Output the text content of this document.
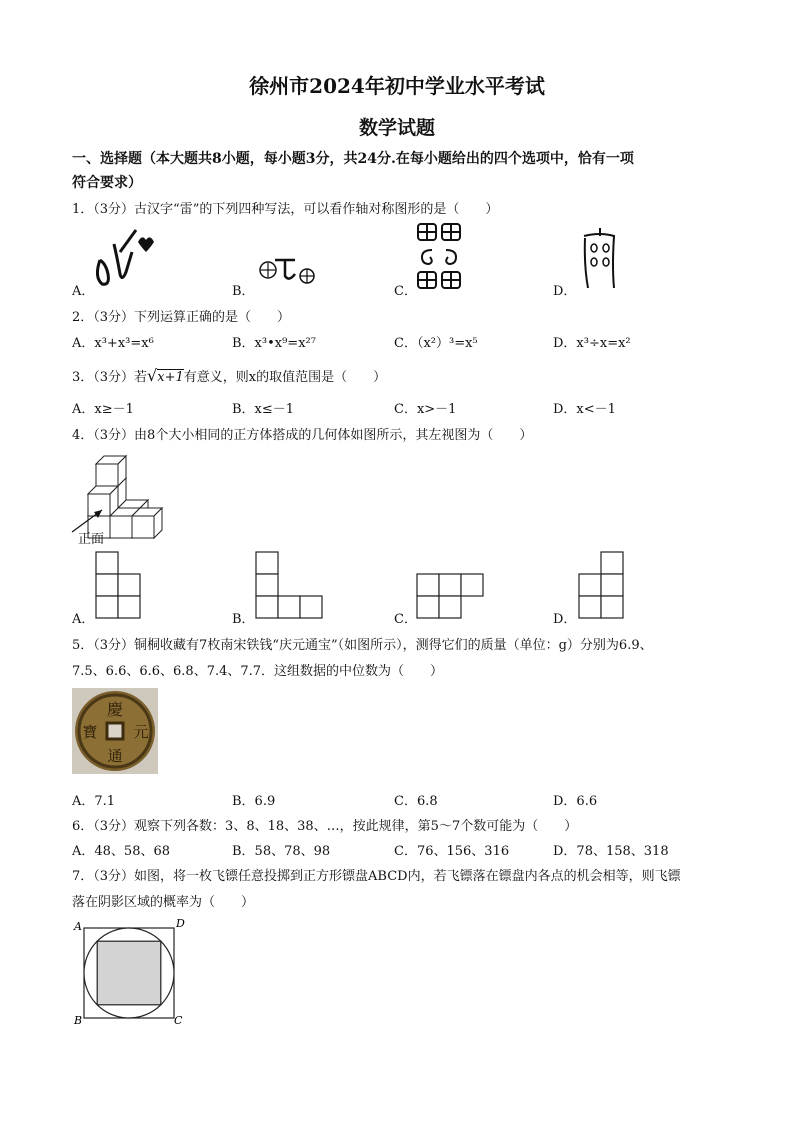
徐州市2024年初中学业水平考试
数学试题
一、选择题（本大题共8小题，每小题3分，共24分.在每小题给出的四个选项中，恰有一项
符合要求）
1．（3分）古汉字“雷”的下列四种写法，可以看作轴对称图形的是（　　）
A．	B．	C．	D．
2．（3分）下列运算正确的是（　　）
A．x³+x³=x⁶	B．x³•x⁹=x²⁷	C．（x²）³=x⁵	D．x³÷x=x²
3．（3分）若√x+1有意义，则x的取值范围是（　　）
A．x≥－1	B．x≤－1	C．x>－1	D．x<－1
4．（3分）由8个大小相同的正方体搭成的几何体如图所示，其左视图为（　　）
正面
A．	B．	C．	D．
5．（3分）铜桐收藏有7枚南宋铁钱“庆元通宝”（如图所示），测得它们的质量（单位：g）分别为6.9、
7.5、6.6、6.6、6.8、7.4、7.7．这组数据的中位数为（　　）
慶
元
通
寶
A．7.1	B．6.9	C．6.8	D．6.6
6．（3分）观察下列各数：3、8、18、38、…，按此规律，第5～7个数可能为（　　）
A．48、58、68	B．58、78、98	C．76、156、316	D．78、158、318
7．（3分）如图，将一枚飞镖任意投掷到正方形镖盘ABCD内，若飞镖落在镖盘内各点的机会相等，则飞镖
落在阴影区域的概率为（　　）
A	D
B	C
